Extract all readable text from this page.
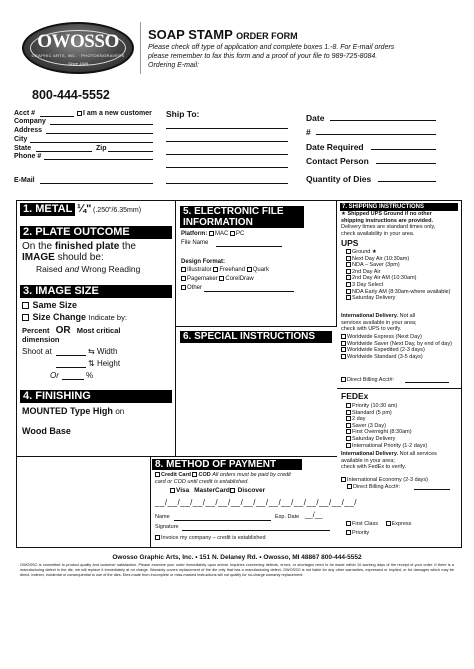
OWOSSO
GRAPHIC ARTS, INC. · PHOTOENGRAVERS
Since 1949
SOAP STAMP ORDER FORM
Please check off type of application and complete boxes 1.-8. For E-mail orders
please remember to fax this form and a proof of your file to 989-725-8084.
Ordering E-mail:
800-444-5552
Acct #	I am a new customer
Company
Address
City
State	Zip
Phone #
E-Mail
Ship To:	Date
#
Date Required
Contact Person
Quantity of Dies
1. METAL ¼" (.250"/6.35mm)
2. PLATE OUTCOME
On the finished plate the
IMAGE should be:
Raised and Wrong Reading
3. IMAGE SIZE
Same Size
Size Change Indicate by:
Percent OR Most critical
dimension
Shoot at	⇆ Width
⇅ Height
Or	%
4. FINISHING
MOUNTED Type High on
Wood Base
5. ELECTRONIC FILE INFORMATION
Platform: MAC PC
File Name
Design Format:
Illustrator Freehand Quark
Pagemaker CorelDraw
Other
6. SPECIAL INSTRUCTIONS
8. METHOD OF PAYMENT
Credit Card COD All orders must be paid by credit
card or COD until credit is established.
Visa MasterCard Discover
__/__/__/__/__/__/__/__/__/__/__/__/__/__/__/__/
Name	Exp. Date __/__
Signature
Invoice my company – credit is established
7. SHIPPING INSTRUCTIONS
★ Shipped UPS Ground if no other
shipping instructions are provided.
Delivery times are standard times only,
check availability in your area.
UPS
Ground ★
Next Day Air (10:30am)
NDA – Saver (3pm)
2nd Day Air
2nd Day Air AM (10:30am)
3 Day Select
NDA Early AM (8:30am-where available)
Saturday Delivery
International Delivery. Not all
services available in your area;
check with UPS to verify.
Worldwide Express (Next Day)
Worldwide Saver (Next Day, by end of day)
Worldwide Expedited (2-3 days)
Worldwide Standard (3-5 days)
Direct Billing Acct#:
FEDEx
Priority (10:30 am)
Standard (5 pm)
2 day
Saver (3 Day)
First Overnight (8:30am)
Saturday Delivery
International Priority (1-2 days)
International Delivery. Not all services
available in your area;
check with FedEx to verify.
International Economy (2-3 days)
Direct Billing Acct#:
First Class Express
Priority
Owosso Graphic Arts, Inc. • 151 N. Delaney Rd. • Owosso, MI 48867 800-444-5552
OWOSSO is committed to product quality and customer satisfaction. Please examine your order immediately upon arrival. Inquiries concerning defects, errors, or shortages need to be made within 10 working days of the receipt of your order. If there is a manufacturing defect in the die, we will replace it immediately at no charge. Warranty covers replacement of the die only that has a manufacturing defect. OWOSSO is not liable for any other warranties, expressed or implied, or for damages which may be direct, indirect, incidental or consequential to use of the dies. Dies made from incomplete or miss-marked instructions will not qualify for no-charge warranty replacement.
